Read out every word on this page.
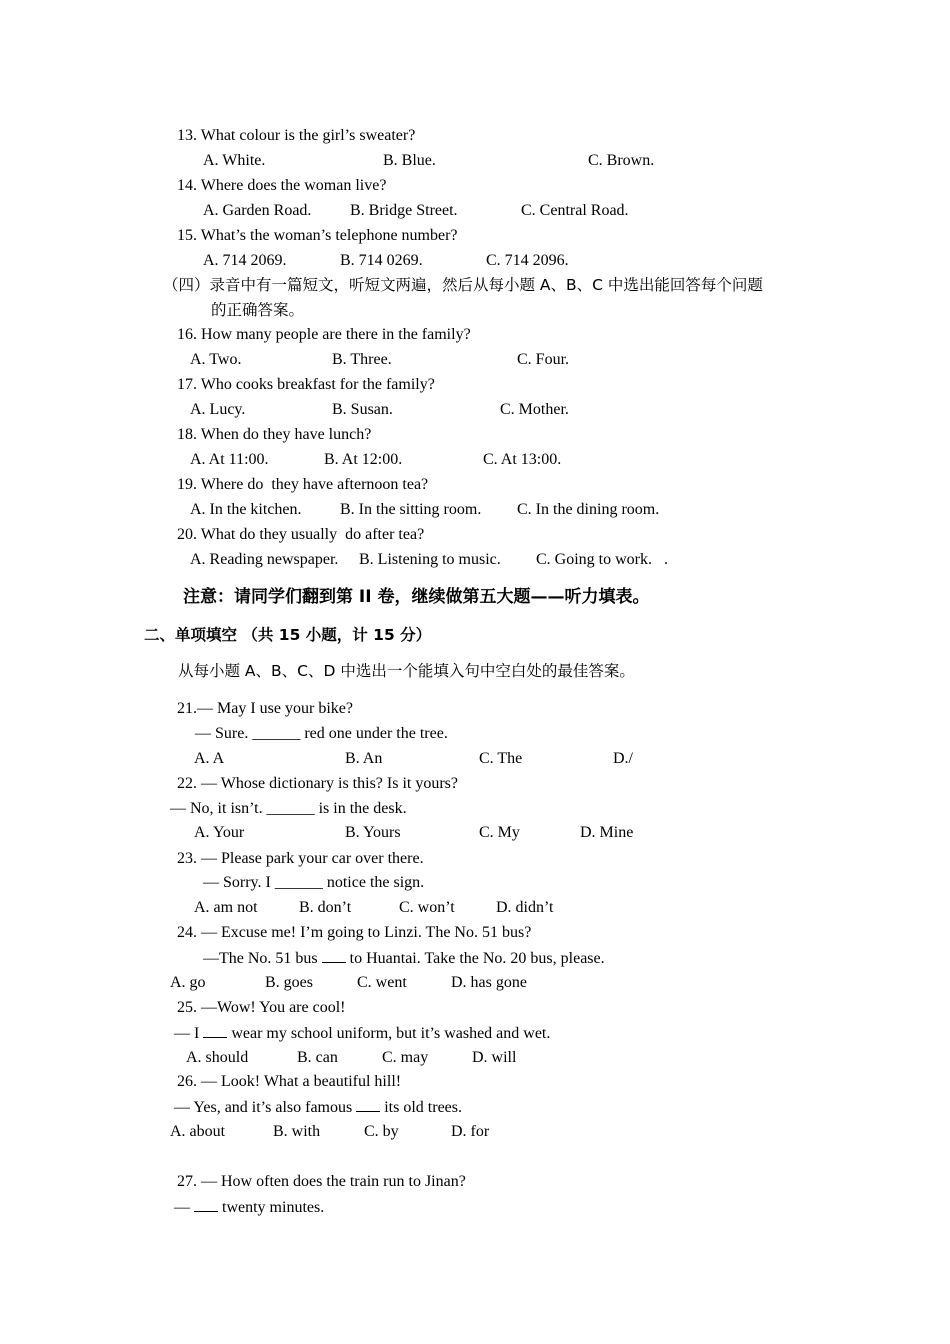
13. What colour is the girl’s sweater?
A. White.	B. Blue.	C. Brown.
14. Where does the woman live?
A. Garden Road. B. Bridge Street.	C. Central Road.
15. What’s the woman’s telephone number?
A. 714 2069.	B. 714 0269.	C. 714 2096.
（四）录音中有一篇短文，听短文两遍，然后从每小题 A、B、C 中选出能回答每个问题
的正确答案。
16. How many people are there in the family?
A. Two.	B. Three.	C. Four.
17. Who cooks breakfast for the family?
A. Lucy.	B. Susan.	C. Mother.
18. When do they have lunch?
A. At 11:00.	B. At 12:00.	C. At 13:00.
19. Where do  they have afternoon tea?
A. In the kitchen. B. In the sitting room. C. In the dining room.
20. What do they usually  do after tea?
A. Reading newspaper. B. Listening to music. C. Going to work.   .
注意：请同学们翻到第 II 卷，继续做第五大题——听力填表。
二、单项填空 （共 15 小题，计 15 分）
从每小题 A、B、C、D 中选出一个能填入句中空白处的最佳答案。
21.— May I use your bike?
— Sure. ______ red one under the tree.
A. A	B. An	C. The	D./
22. — Whose dictionary is this? Is it yours?
— No, it isn’t. ______ is in the desk.
A. Your	B. Yours	C. My	D. Mine
23. — Please park your car over there.
— Sorry. I ______ notice the sign.
A. am not	B. don’t	C. won’t	D. didn’t
24. — Excuse me! I’m going to Linzi. The No. 51 bus?
—The No. 51 bus to Huantai. Take the No. 20 bus, please.
A. go	B. goes	C. went	D. has gone
25. —Wow! You are cool!
— I wear my school uniform, but it’s washed and wet.
A. should	B. can	C. may	D. will
26. — Look! What a beautiful hill!
— Yes, and it’s also famous its old trees.
A. about	B. with	C. by	D. for
27. — How often does the train run to Jinan?
— twenty minutes.
